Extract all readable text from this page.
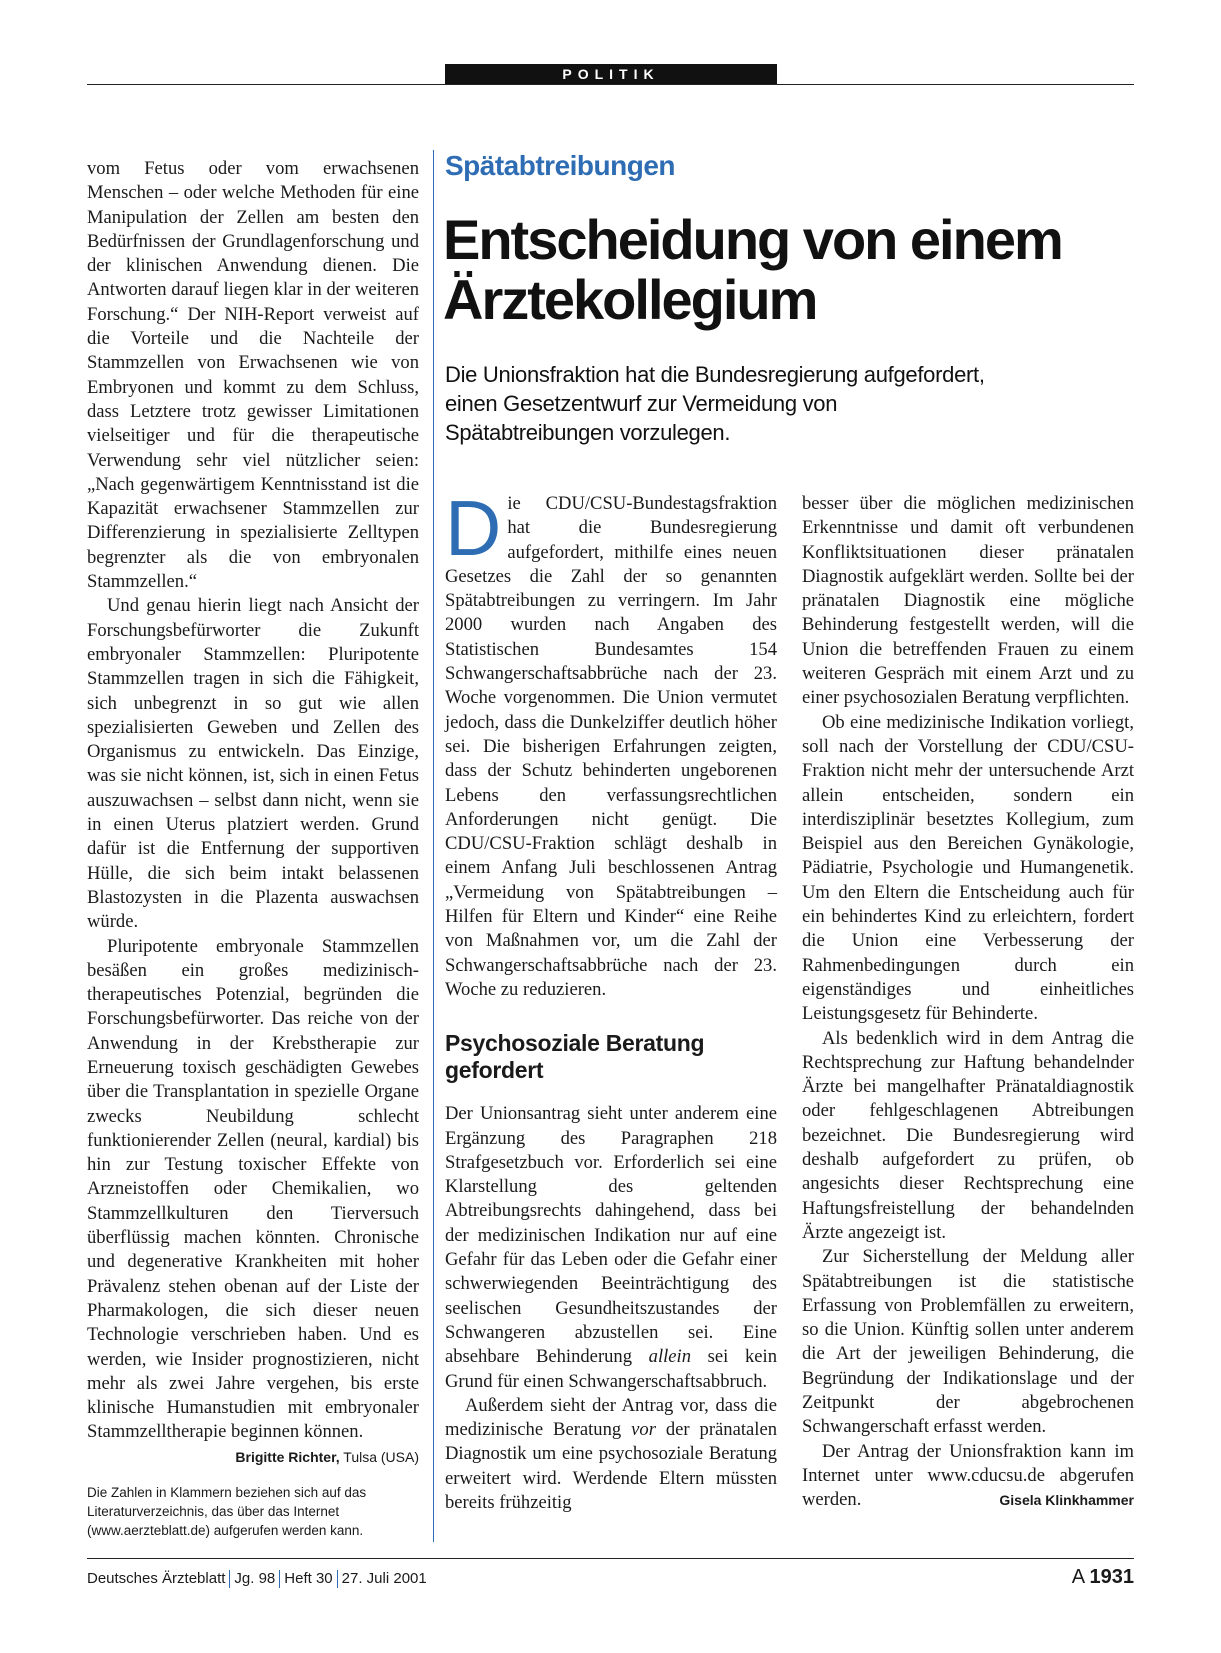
POLITIK

vom Fetus oder vom erwachsenen Menschen – oder welche Methoden für eine Manipulation der Zellen am besten den Bedürfnissen der Grundlagenforschung und der klinischen Anwendung dienen. Die Antworten darauf liegen klar in der weiteren Forschung.“ Der NIH-Report verweist auf die Vorteile und die Nachteile der Stammzellen von Erwachsenen wie von Embryonen und kommt zu dem Schluss, dass Letztere trotz gewisser Limitationen vielseitiger und für die therapeutische Verwendung sehr viel nützlicher seien: „Nach gegenwärtigem Kenntnisstand ist die Kapazität erwachsener Stammzellen zur Differenzierung in spezialisierte Zelltypen begrenzter als die von embryonalen Stammzellen.“

Und genau hierin liegt nach Ansicht der Forschungsbefürworter die Zukunft embryonaler Stammzellen: Pluripotente Stammzellen tragen in sich die Fähigkeit, sich unbegrenzt in so gut wie allen spezialisierten Geweben und Zellen des Organismus zu entwickeln. Das Einzige, was sie nicht können, ist, sich in einen Fetus auszuwachsen – selbst dann nicht, wenn sie in einen Uterus platziert werden. Grund dafür ist die Entfernung der supportiven Hülle, die sich beim intakt belassenen Blastozysten in die Plazenta auswachsen würde.

Pluripotente embryonale Stammzellen besäßen ein großes medizinisch-therapeutisches Potenzial, begründen die Forschungsbefürworter. Das reiche von der Anwendung in der Krebstherapie zur Erneuerung toxisch geschädigten Gewebes über die Transplantation in spezielle Organe zwecks Neubildung schlecht funktionierender Zellen (neural, kardial) bis hin zur Testung toxischer Effekte von Arzneistoffen oder Chemikalien, wo Stammzellkulturen den Tierversuch überflüssig machen könnten. Chronische und degenerative Krankheiten mit hoher Prävalenz stehen obenan auf der Liste der Pharmakologen, die sich dieser neuen Technologie verschrieben haben. Und es werden, wie Insider prognostizieren, nicht mehr als zwei Jahre vergehen, bis erste klinische Humanstudien mit embryonaler Stammzelltherapie beginnen können.
Brigitte Richter, Tulsa (USA)

Die Zahlen in Klammern beziehen sich auf das Literaturverzeichnis, das über das Internet (www.aerzteblatt.de) aufgerufen werden kann.
Spätabtreibungen
Entscheidung von einem
Ärztekollegium
Die Unionsfraktion hat die Bundesregierung aufgefordert, einen Gesetzentwurf zur Vermeidung von Spätabtreibungen vorzulegen.

Die CDU/CSU-Bundestagsfraktion hat die Bundesregierung aufgefordert, mithilfe eines neuen Gesetzes die Zahl der so genannten Spätabtreibungen zu verringern. Im Jahr 2000 wurden nach Angaben des Statistischen Bundesamtes 154 Schwangerschaftsabbrüche nach der 23. Woche vorgenommen. Die Union vermutet jedoch, dass die Dunkelziffer deutlich höher sei. Die bisherigen Erfahrungen zeigten, dass der Schutz behinderten ungeborenen Lebens den verfassungsrechtlichen Anforderungen nicht genügt. Die CDU/CSU-Fraktion schlägt deshalb in einem Anfang Juli beschlossenen Antrag „Vermeidung von Spätabtreibungen – Hilfen für Eltern und Kinder“ eine Reihe von Maßnahmen vor, um die Zahl der Schwangerschaftsabbrüche nach der 23. Woche zu reduzieren.

Psychosoziale Beratung gefordert

Der Unionsantrag sieht unter anderem eine Ergänzung des Paragraphen 218 Strafgesetzbuch vor. Erforderlich sei eine Klarstellung des geltenden Abtreibungsrechts dahingehend, dass bei der medizinischen Indikation nur auf eine Gefahr für das Leben oder die Gefahr einer schwerwiegenden Beeinträchtigung des seelischen Gesundheitszustandes der Schwangeren abzustellen sei. Eine absehbare Behinderung allein sei kein Grund für einen Schwangerschaftsabbruch.

Außerdem sieht der Antrag vor, dass die medizinische Beratung vor der pränatalen Diagnostik um eine psychosoziale Beratung erweitert wird. Werdende Eltern müssten bereits frühzeitig

besser über die möglichen medizinischen Erkenntnisse und damit oft verbundenen Konfliktsituationen dieser pränatalen Diagnostik aufgeklärt werden. Sollte bei der pränatalen Diagnostik eine mögliche Behinderung festgestellt werden, will die Union die betreffenden Frauen zu einem weiteren Gespräch mit einem Arzt und zu einer psychosozialen Beratung verpflichten.

Ob eine medizinische Indikation vorliegt, soll nach der Vorstellung der CDU/CSU-Fraktion nicht mehr der untersuchende Arzt allein entscheiden, sondern ein interdisziplinär besetztes Kollegium, zum Beispiel aus den Bereichen Gynäkologie, Pädiatrie, Psychologie und Humangenetik. Um den Eltern die Entscheidung auch für ein behindertes Kind zu erleichtern, fordert die Union eine Verbesserung der Rahmenbedingungen durch ein eigenständiges und einheitliches Leistungsgesetz für Behinderte.

Als bedenklich wird in dem Antrag die Rechtsprechung zur Haftung behandelnder Ärzte bei mangelhafter Pränataldiagnostik oder fehlgeschlagenen Abtreibungen bezeichnet. Die Bundesregierung wird deshalb aufgefordert zu prüfen, ob angesichts dieser Rechtsprechung eine Haftungsfreistellung der behandelnden Ärzte angezeigt ist.

Zur Sicherstellung der Meldung aller Spätabtreibungen ist die statistische Erfassung von Problemfällen zu erweitern, so die Union. Künftig sollen unter anderem die Art der jeweiligen Behinderung, die Begründung der Indikationslage und der Zeitpunkt der abgebrochenen Schwangerschaft erfasst werden.

Der Antrag der Unionsfraktion kann im Internet unter www.cducsu.de abgerufen werden.	Gisela Klinkhammer

Deutsches Ärzteblatt Jg. 98 Heft 30 27. Juli 2001	A 1931
